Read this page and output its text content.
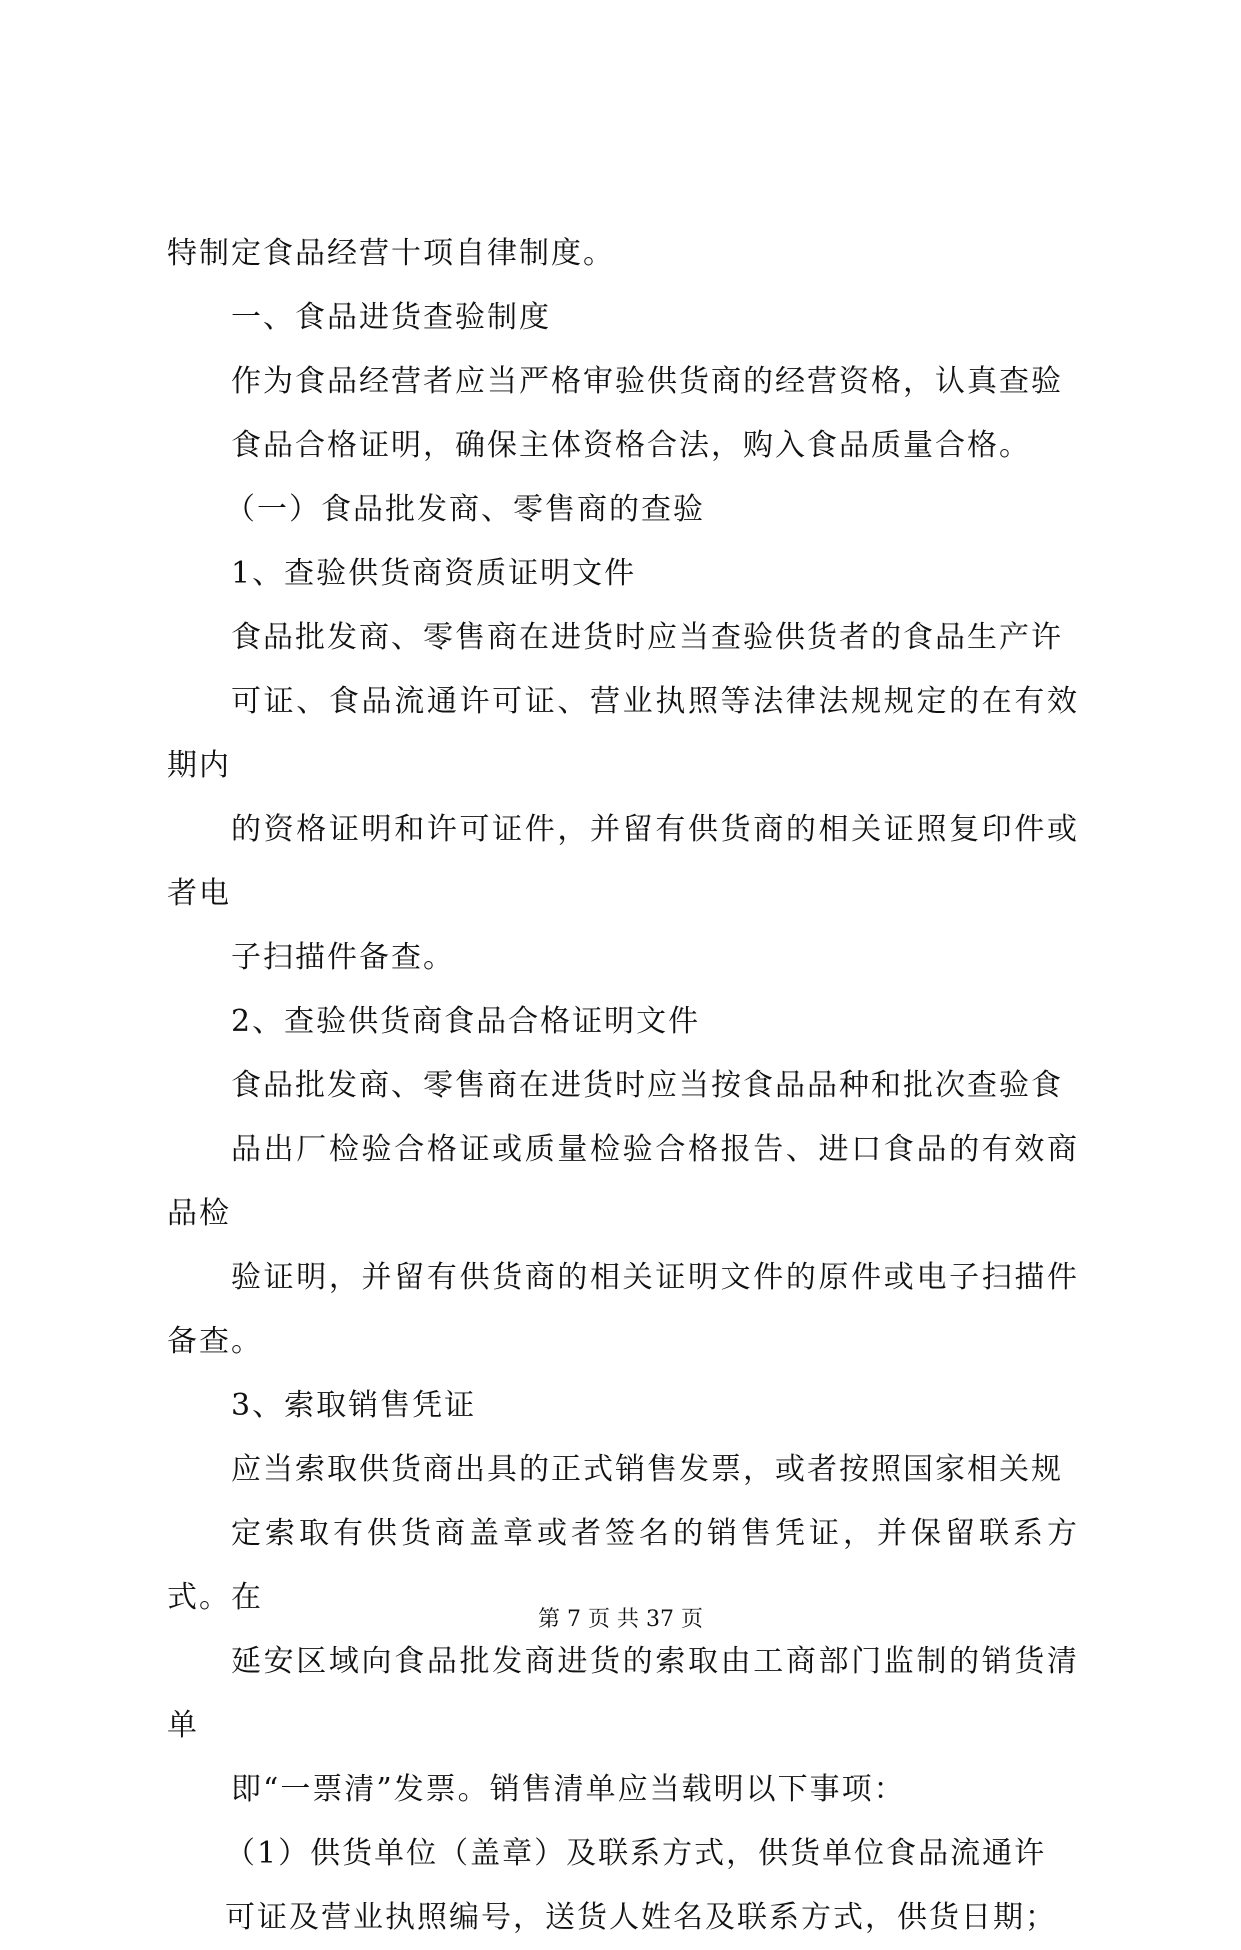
特制定食品经营十项自律制度。

一、食品进货查验制度

作为食品经营者应当严格审验供货商的经营资格，认真查验
食品合格证明，确保主体资格合法，购入食品质量合格。

（一）食品批发商、零售商的查验

1、查验供货商资质证明文件

食品批发商、零售商在进货时应当查验供货者的食品生产许
可证、食品流通许可证、营业执照等法律法规规定的在有效期内
的资格证明和许可证件，并留有供货商的相关证照复印件或者电
子扫描件备查。

2、查验供货商食品合格证明文件

食品批发商、零售商在进货时应当按食品品种和批次查验食
品出厂检验合格证或质量检验合格报告、进口食品的有效商品检
验证明，并留有供货商的相关证明文件的原件或电子扫描件备查。

3、索取销售凭证

应当索取供货商出具的正式销售发票，或者按照国家相关规
定索取有供货商盖章或者签名的销售凭证，并保留联系方式。在
延安区域向食品批发商进货的索取由工商部门监制的销货清单
即“一票清”发票。销售清单应当载明以下事项：

（1）供货单位（盖章）及联系方式，供货单位食品流通许
可证及营业执照编号，送货人姓名及联系方式，供货日期；

第 7 页 共 37 页
